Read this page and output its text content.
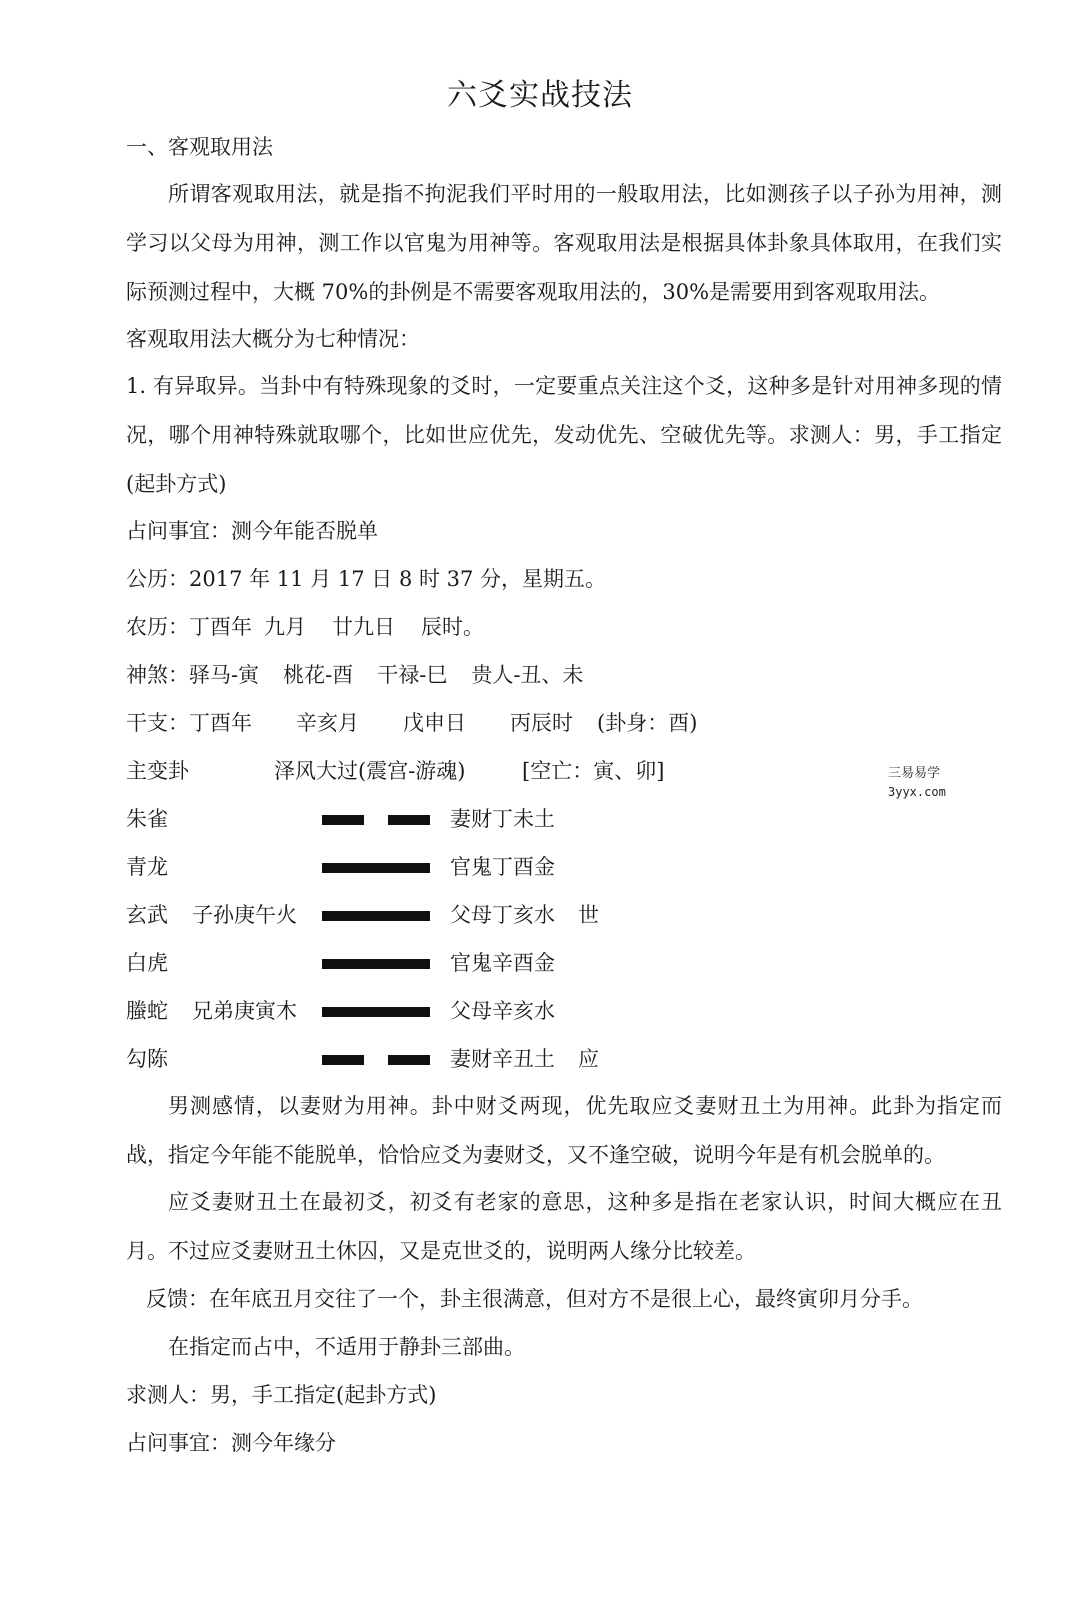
六爻实战技法
一、客观取用法
所谓客观取用法，就是指不拘泥我们平时用的一般取用法，比如测孩子以子孙为用神，测学习以父母为用神，测工作以官鬼为用神等。客观取用法是根据具体卦象具体取用，在我们实际预测过程中，大概 70%的卦例是不需要客观取用法的，30%是需要用到客观取用法。
客观取用法大概分为七种情况：
1. 有异取异。当卦中有特殊现象的爻时，一定要重点关注这个爻，这种多是针对用神多现的情况，哪个用神特殊就取哪个，比如世应优先，发动优先、空破优先等。求测人：男，手工指定(起卦方式)
占问事宜：测今年能否脱单
公历：2017 年 11 月 17 日 8 时 37 分，星期五。
农历：丁酉年 九月 廿九日 辰时。
神煞：驿马-寅 桃花-酉 干禄-巳 贵人-丑、未
干支：丁酉年 辛亥月 戊申日 丙辰时 (卦身：酉)
主变卦	泽风大过(震宫-游魂)	[空亡：寅、卯]
朱雀	妻财丁未土
青龙	官鬼丁酉金
玄武 子孙庚午火	父母丁亥水 世
白虎	官鬼辛酉金
螣蛇 兄弟庚寅木	父母辛亥水
勾陈	妻财辛丑土 应
男测感情，以妻财为用神。卦中财爻两现，优先取应爻妻财丑土为用神。此卦为指定而战，指定今年能不能脱单，恰恰应爻为妻财爻，又不逢空破，说明今年是有机会脱单的。
应爻妻财丑土在最初爻，初爻有老家的意思，这种多是指在老家认识，时间大概应在丑月。不过应爻妻财丑土休囚，又是克世爻的，说明两人缘分比较差。
反馈：在年底丑月交往了一个，卦主很满意，但对方不是很上心，最终寅卯月分手。
在指定而占中，不适用于静卦三部曲。
求测人：男，手工指定(起卦方式)
占问事宜：测今年缘分
三易易学
3yyx.com
